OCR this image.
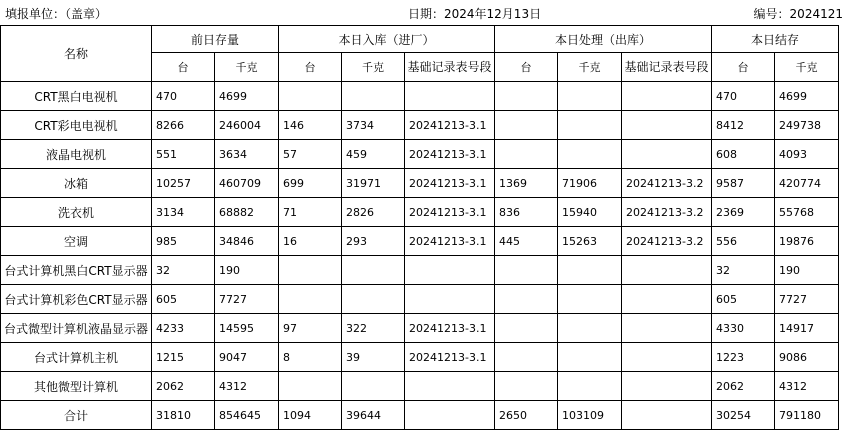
填报单位：（盖章）	日期：2024年12月13日	编号：2024121
名称	前日存量		本日入库（进厂）			本日处理（出库）			本日结存	
	台	千克	台	千克	基础记录表号段	台	千克	基础记录表号段	台	千克
CRT黑白电视机	470	4699							470	4699
CRT彩电电视机	8266	246004	146	3734	20241213-3.1				8412	249738
液晶电视机	551	3634	57	459	20241213-3.1				608	4093
冰箱	10257	460709	699	31971	20241213-3.1	1369	71906	20241213-3.2	9587	420774
洗衣机	3134	68882	71	2826	20241213-3.1	836	15940	20241213-3.2	2369	55768
空调	985	34846	16	293	20241213-3.1	445	15263	20241213-3.2	556	19876
台式计算机黑白CRT显示器	32	190							32	190
台式计算机彩色CRT显示器	605	7727							605	7727
台式微型计算机液晶显示器	4233	14595	97	322	20241213-3.1				4330	14917
台式计算机主机	1215	9047	8	39	20241213-3.1				1223	9086
其他微型计算机	2062	4312							2062	4312
合计	31810	854645	1094	39644		2650	103109		30254	791180
